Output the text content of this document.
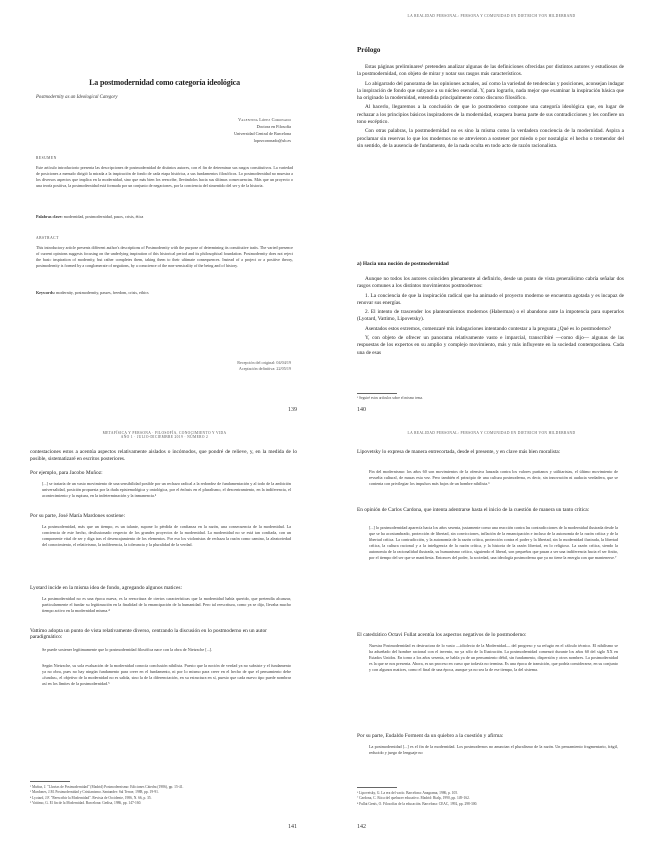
La postmodernidad como categoría ideológica
Postmodernity as an Ideological Category
Valentina López Coronado
Doctora en Filosofía
Universidad Central de Barcelona
lopezcoronado@ub.es
RESUMEN
Este artículo introductorio presenta las descripciones de postmodernidad de distintos autores, con el fin de determinar sus rasgos constitutivos. La variedad de posiciones a menudo dirigió la mirada a la inspiración de fondo de cada etapa histórica, a sus fundamentos filosóficos. Lo postmodernidad no muestra a los diversos aspectos que implica en la modernidad, sino que más bien los reescribe, llevándolos hacia sus últimas consecuencias. Más que un proyecto o una teoría positiva, la postmodernidad está formada por un conjunto de negaciones, por la conciencia del sinsentido del ser y de la historia.
Palabras clave: modernidad, postmodernidad, pasos, crisis, ética
ABSTRACT
This introductory article presents different author's descriptions of Postmodernity with the purpose of determining its constitutive traits. The varied presence of current opinions suggests focusing on the underlying inspiration of this historical period and its philosophical foundation. Postmodernity does not reject the basic inspiration of modernity, but rather completes them, taking them to their ultimate consequences. Instead of a project or a positive theory, postmodernity is formed by a conglomerate of negations, by a conscience of the non-sensicality of the being and of history.
Keywords: modernity, postmodernity, passes, freedom, crisis, ethics
Recepción del original: 04/04/19
Aceptación definitiva: 22/05/19
139
LA REALIDAD PERSONAL: PERSONA Y COMUNIDAD EN DIETRICH VON HILDEBRAND
Prólogo

Estas páginas preliminares¹ pretenden analizar algunas de las definiciones ofrecidas por distintos autores y estudiosos de la postmodernidad, con objeto de mirar y notar sus rasgos más característicos.

Lo abigarrado del panorama de las opiniones actuales, así como la variedad de tendencias y posiciones, aconsejan indagar la inspiración de fondo que subyace a su núcleo esencial. Y, para lograrlo, nada mejor que examinar la inspiración básica que ha originado la modernidad, entendida principalmente como discurso filosófico.

Al hacerlo, llegaremos a la conclusión de que lo postmoderno compone una categoría ideológica que, en lugar de rechazar a los principios básicos inspiradores de la modernidad, exaspera buena parte de sus contradicciones y les confiere un tono escéptico.

Con otras palabras, la postmodernidad no es sino la misma como la verdadera conciencia de la modernidad. Aspira a proclamar sin reservas lo que los modernos no se atrevieron a sostener por miedo o por nostalgia: el hecho o tremendor del sin sentido, de la ausencia de fundamento, de la nada oculta en todo acto de razón racionalista.

a) Hacia una noción de postmodernidad

Aunque no todos los autores coinciden plenamente al definirlo, desde un punto de vista generalísimo cabría señalar dos rasgos comunes a los distintos movimientos postmodernos:

1. La conciencia de que la inspiración radical que ha animado el proyecto moderno se encuentra agotada y es incapaz de renovar sus energías.

2. El intento de trascender los planteamientos modernos (Habermas) o el abandono ante la impotencia para superarlos (Lyotard, Vattimo, Lipovetsky).

Asentados estos extremos, comenzaré mis indagaciones intentando contestar a la pregunta ¿Qué es lo postmoderno?

Y, con objeto de ofrecer un panorama relativamente vasto e imparcial, transcribiré —como dijo— algunas de las respuestas de los expertos en su amplio y complejo movimiento, más y más influyente en la sociedad contemporánea. Cada una de esas

¹ Seguiré estos artículos sobre el mismo tema.
140
METAFÍSICA Y PERSONA · FILOSOFÍA, CONOCIMIENTO Y VIDA
AÑO 1 · JULIO-DICIEMBRE 2019 · NÚMERO 2
contestaciones estos a acentúa aspectos relativamente aislados o incómodos, que pondré de relieve, y, en la medida de lo posible, sistematizaré en escritos posteriores.
Por ejemplo, para Jacobo Muñoz:
[...] se trataría de un vasto movimiento de una sensibilidad posible por un rechazo radical a la redondez de fundamentación y al todo de la ambición universalidad, posición propuesta por la duda epistemológica y ontológica, por el énfasis en el pluralismo, el descentramiento, en la indiferencia, el acontecimiento y la ruptura, en la indeterminación y la inmanencia.²
Por su parte, José María Mardones sostiene:
La postmodernidad, más que un tiempo, es un talante, supone lo pérdida de confianza en la razón, una consecuencia de la modernidad. La conciencia de este hecho, desilusionado respecto de los grandes proyectos de la modernidad. La modernidad no se está tan confiada, con un componente vital de ser y diga tras el desencajamiento de los elementos. Por eso los violonistas de rechaza la razón como camino, la aleatoriedad del conocimiento, el relativismo, la indiferencia, la tolerancia y la pluralidad de la verdad.
Lyotard incide en la misma idea de fondo, agregando algunos matices:
La postmodernidad no es una época nueva, es la reescritura de ciertos características que la modernidad había querido, que pretendía alcanzar, particularmente el fundar su legitimación en la finalidad de la emancipación de la humanidad. Pero tal reescritura, como ya se dijo, llevaba mucho tiempo activo en la modernidad misma.⁴
Vattimo adopta un punto de vista relativamente diverso, centrando la discusión en lo postmoderno en un autor paradigmático:
Se puede sostener legítimamente que lo postmodernidad filosófica nace con la obra de Nietzsche [...].
Según Nietzsche, su sola evaluación de la modernidad conocía conclusión nihilista. Puesto que la noción de verdad ya no subsiste y el fundamento ya no obra, pues no hay ningún fundamento para creer en el fundamento, ni por lo mismo para creer en el hecho de que el pensamiento debe «fundar», el objetivo de la modernidad no es salida, sino la de la diferenciación, en su estructura en sí, puesto que cada nuevo tipo puede nombrar así en los límites de la postmodernidad.⁵
² Muñoz, J. "Lluvias de Postmodernidad" (Madrid) Postmodernismo: Ediciones Cátedra (1986), pp. 15-41.
³ Mardones, J.M. Postmodernidad y Cristianismo. Santander: Sal Terrae, 1988, pp. 19-91.
⁴ Lyotard, J.F. "Reescribir la Modernidad". Revista de Occidente, 1986, N. 66, p. 35.
⁵ Vattimo, G. El fin de la Modernidad. Barcelona: Gedisa, 1986, pp. 147-160.
141
LA REALIDAD PERSONAL: PERSONA Y COMUNIDAD EN DIETRICH VON HILDEBRAND
Lipovetsky lo expresa de manera entrecortada, desde el presente, y en clave más bien moralista:
Fin del modernismo: los años 60 son movimientos de la ofensiva lanzada contra los valores puritanos y utilitaristas, el último movimiento de revuelta cultural, de masas esta vez. Pero también el principio de una cultura postmoderna, es decir, sin innovación ni audacia verdadera, que se contenta con privilegiar los impulsos más bajos de un hombre nihilista.⁶
En opinión de Carlos Cardona, que intenta adentrarse hasta el inicio de la cuestión de manera un tanto crítica:
[...] lo postmodernidad aparecía hacia los años sesenta, justamente como una reacción contra las contradicciones de la modernidad ilustrada desde la que se ha acostumbrado, protección de libertad, sin convicciones, inflación de la emancipación e incluso de la autonomía de la razón crítica y de la libertad crítica. La contradicción, y la autonomía de la razón crítica, protección contra el poder y la libertad, sin lo modernidad ilustrada, la libertad crítica, la cultura racional y a la inteligencia de la razón crítica, y la historia de la razón libertad, en lo religioso. La razón crítica, siendo la autonomía de la racionalidad ilustrada, su humanismo crítico, siguiendo el liberal, son pequeños que pasan a ser una indiferencia hacia el ser finito, por el tiempo del ser que se manifiesta. Entonces del poder, la sociedad, una ideología postmoderna que ya no tiene la energía con que mantenerse.⁷
El catedrático Octavi Fullat acentúa los aspectos negativos de lo postmoderno:
Nuestra Postmodernidad es destructora de lo vasto —idiolecto de la Modernidad— del progreso y su refugio en el cálculo técnico. El nihilismo se ha adueñado del hombre racional con el invento, no ya sólo de la Ilustración. La postmodernidad comenzó durante los años 60 del siglo XX en Estados Unidos. En torno a los años sesenta, se habla ya de un pensamiento débil, sin fundamento, dispersión y otros nombres. La postmodernidad es la que se nos presenta. Ahora, es un proceso en curso que todavía no termina. Es una época de transición, que podría considerarse, en su conjunto y con algunos matices, como el final de una época, aunque ya no sea la de ese tiempo, la del sistema.
Por su parte, Eudaldo Forment da un quiebro a la cuestión y afirma:
La postmodernidad [...] es el fin de la modernidad. Los postmodernos no anuncian el pluralismo de la razón. Un pensamiento fragmentario, frágil, reducido y juego de lenguaje no
⁶ Lipovetsky, G. La era del vacío. Barcelona: Anagrama, 1986, p. 105.
⁷ Cardona, C. Ética del quehacer educativo. Madrid: Rialp, 1990, pp. 149-162.
⁸ Fullat Genís, O. Filosofías de la educación. Barcelona: CEAC, 1992, pp. 298-300.
142
